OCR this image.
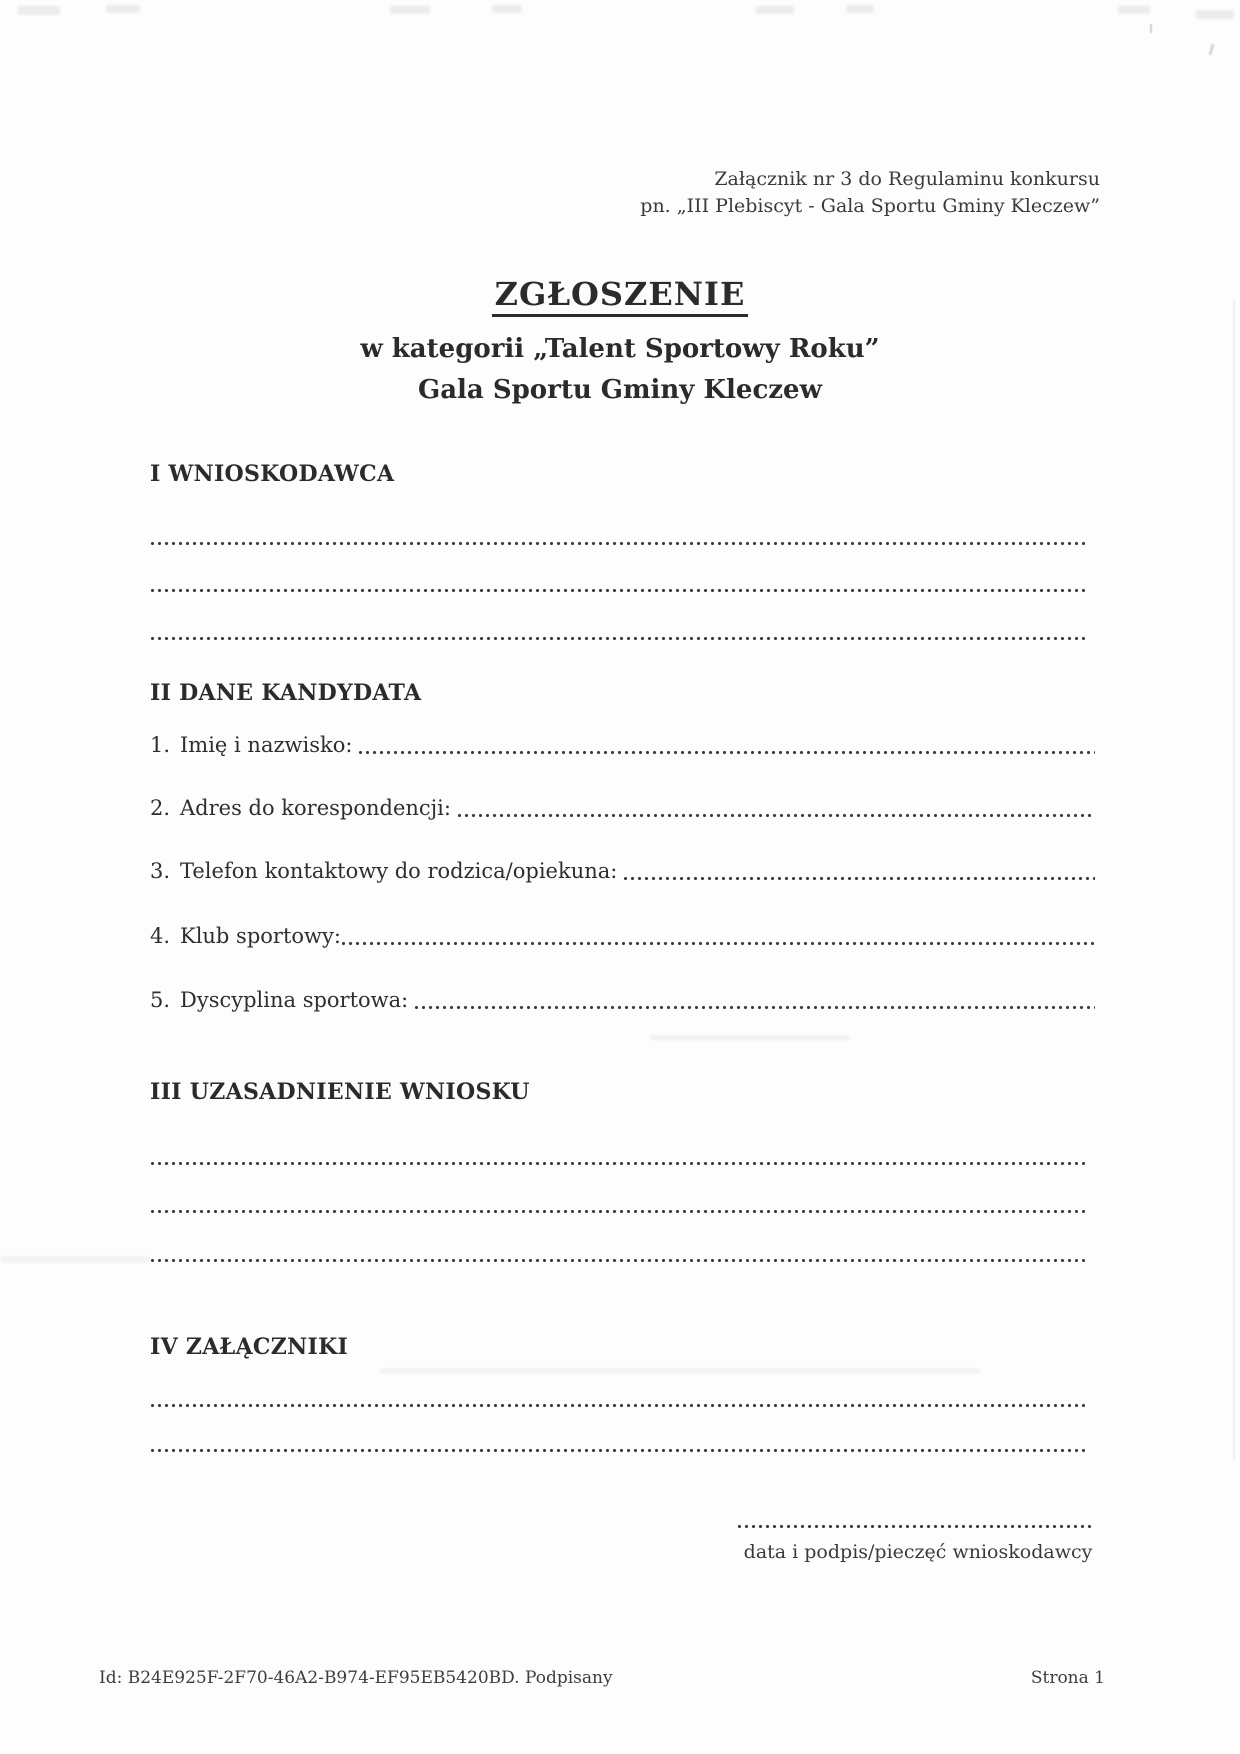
Załącznik nr 3 do Regulaminu konkursu
pn. „III Plebiscyt - Gala Sportu Gminy Kleczew”
ZGŁOSZENIE
w kategorii „Talent Sportowy Roku”
Gala Sportu Gminy Kleczew
I WNIOSKODAWCA
II DANE KANDYDATA
1. Imię i nazwisko:
2. Adres do korespondencji:
3. Telefon kontaktowy do rodzica/opiekuna:
4. Klub sportowy:
5. Dyscyplina sportowa:
III UZASADNIENIE WNIOSKU
IV ZAŁĄCZNIKI
data i podpis/pieczęć wnioskodawcy
Id: B24E925F-2F70-46A2-B974-EF95EB5420BD. Podpisany	Strona 1
